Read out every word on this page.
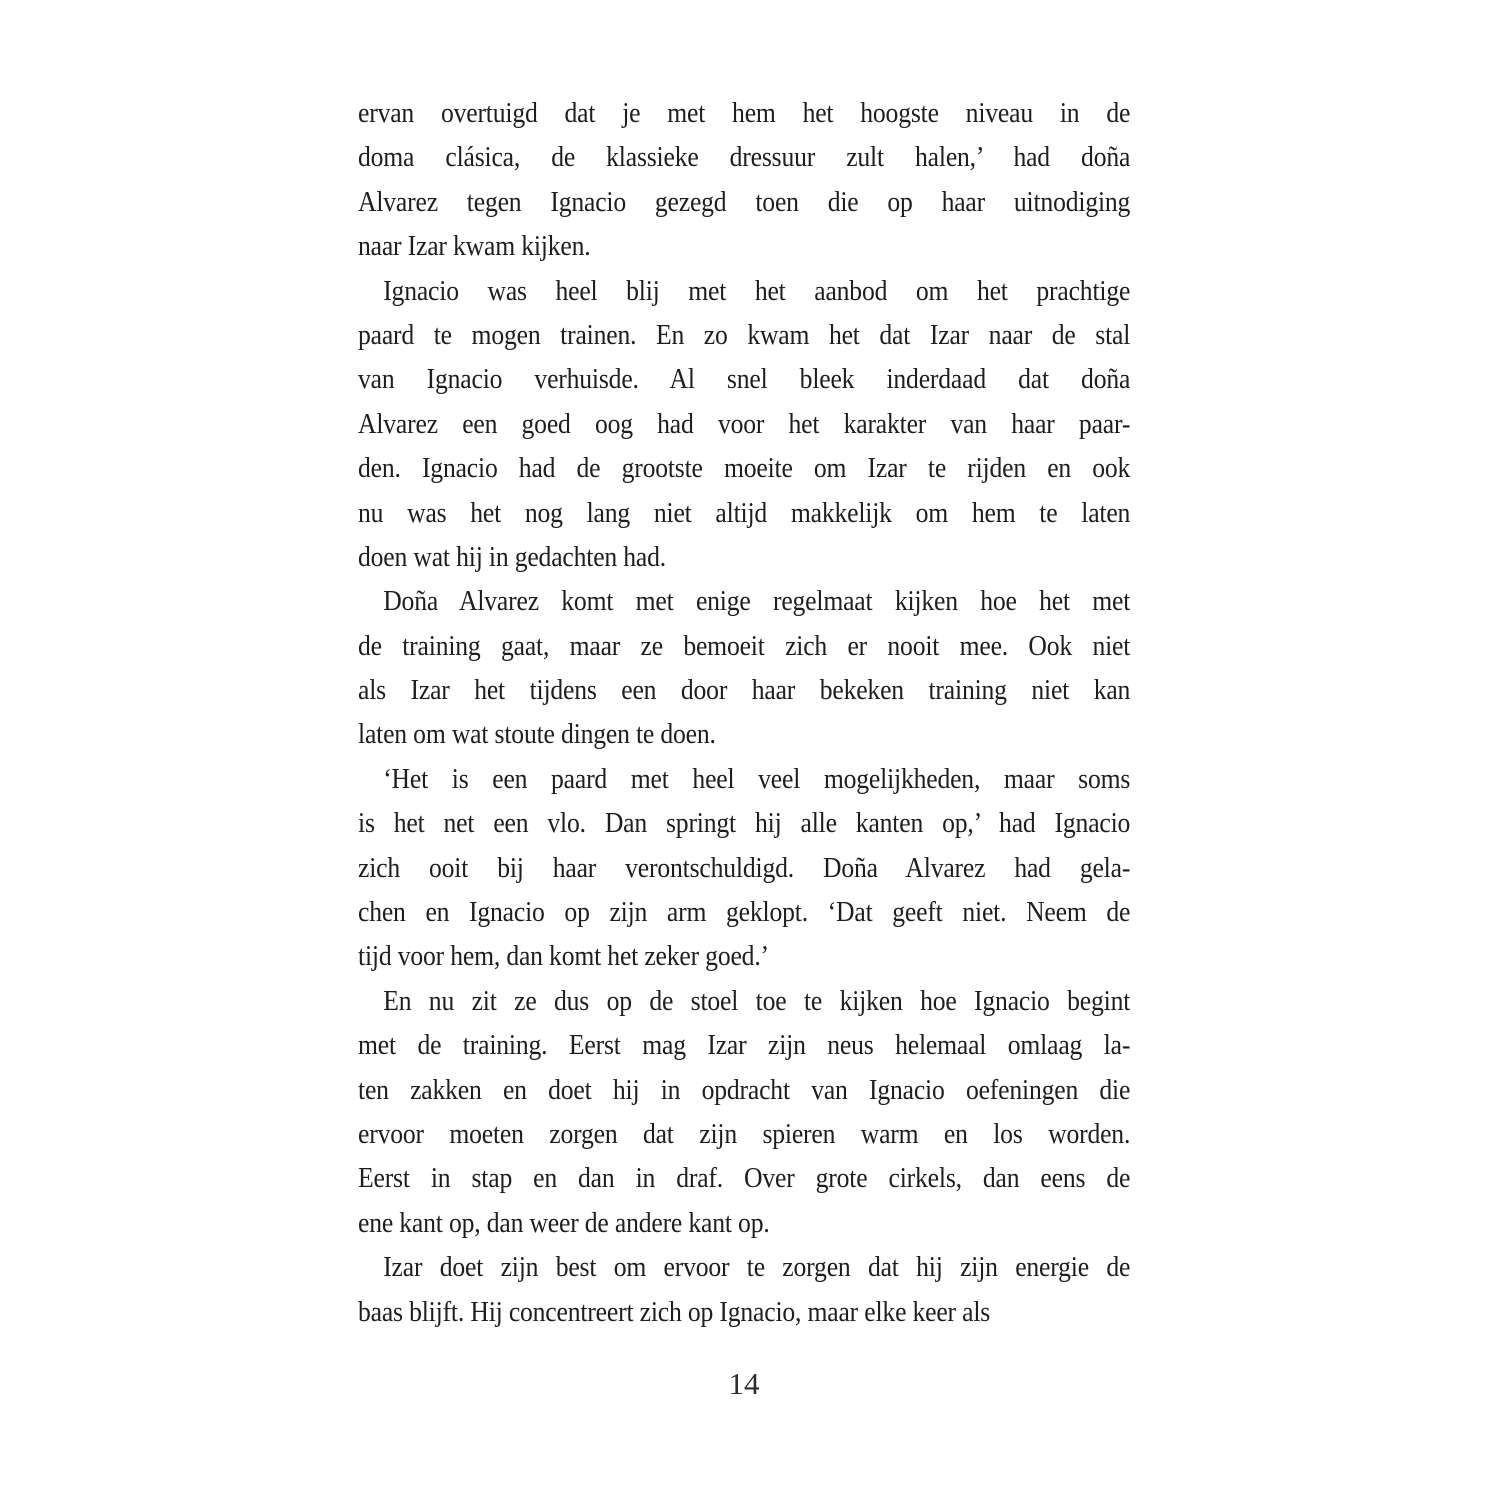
ervan overtuigd dat je met hem het hoogste niveau in de
doma clásica, de klassieke dressuur zult halen,’ had doña
Alvarez tegen Ignacio gezegd toen die op haar uitnodiging
naar Izar kwam kijken.
Ignacio was heel blij met het aanbod om het prachtige
paard te mogen trainen. En zo kwam het dat Izar naar de stal
van Ignacio verhuisde. Al snel bleek inderdaad dat doña
Alvarez een goed oog had voor het karakter van haar paar-
den. Ignacio had de grootste moeite om Izar te rijden en ook
nu was het nog lang niet altijd makkelijk om hem te laten
doen wat hij in gedachten had.
Doña Alvarez komt met enige regelmaat kijken hoe het met
de training gaat, maar ze bemoeit zich er nooit mee. Ook niet
als Izar het tijdens een door haar bekeken training niet kan
laten om wat stoute dingen te doen.
‘Het is een paard met heel veel mogelijkheden, maar soms
is het net een vlo. Dan springt hij alle kanten op,’ had Ignacio
zich ooit bij haar verontschuldigd. Doña Alvarez had gela-
chen en Ignacio op zijn arm geklopt. ‘Dat geeft niet. Neem de
tijd voor hem, dan komt het zeker goed.’
En nu zit ze dus op de stoel toe te kijken hoe Ignacio begint
met de training. Eerst mag Izar zijn neus helemaal omlaag la-
ten zakken en doet hij in opdracht van Ignacio oefeningen die
ervoor moeten zorgen dat zijn spieren warm en los worden.
Eerst in stap en dan in draf. Over grote cirkels, dan eens de
ene kant op, dan weer de andere kant op.
Izar doet zijn best om ervoor te zorgen dat hij zijn energie de
baas blijft. Hij concentreert zich op Ignacio, maar elke keer als
14
